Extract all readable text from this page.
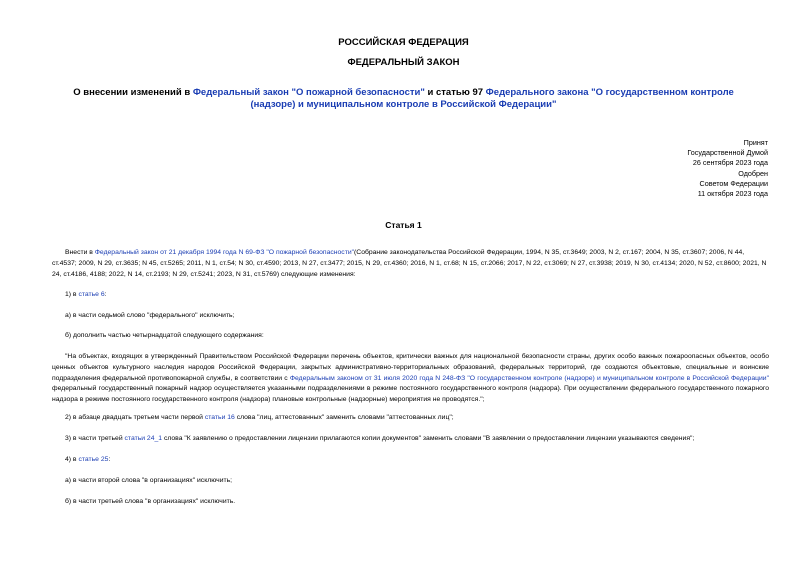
РОССИЙСКАЯ ФЕДЕРАЦИЯ
ФЕДЕРАЛЬНЫЙ ЗАКОН
О внесении изменений в Федеральный закон "О пожарной безопасности" и статью 97 Федерального закона "О государственном контроле (надзоре) и муниципальном контроле в Российской Федерации"
Принят
Государственной Думой
26 сентября 2023 года
Одобрен
Советом Федерации
11 октября 2023 года
Статья 1
Внести в Федеральный закон от 21 декабря 1994 года N 69-ФЗ "О пожарной безопасности"(Собрание законодательства Российской Федерации, 1994, N 35, ст.3649; 2003, N 2, ст.167; 2004, N 35, ст.3607; 2006, N 44, ст.4537; 2009, N 29, ст.3635; N 45, ст.5265; 2011, N 1, ст.54; N 30, ст.4590; 2013, N 27, ст.3477; 2015, N 29, ст.4360; 2016, N 1, ст.68; N 15, ст.2066; 2017, N 22, ст.3069; N 27, ст.3938; 2019, N 30, ст.4134; 2020, N 52, ст.8600; 2021, N 24, ст.4186, 4188; 2022, N 14, ст.2193; N 29, ст.5241; 2023, N 31, ст.5769) следующие изменения:
1) в статье 6:
а) в части седьмой слово "федерального" исключить;
б) дополнить частью четырнадцатой следующего содержания:
"На объектах, входящих в утвержденный Правительством Российской Федерации перечень объектов, критически важных для национальной безопасности страны, других особо важных пожароопасных объектов, особо ценных объектов культурного наследия народов Российской Федерации, закрытых административно-территориальных образований, федеральных территорий, где создаются объектовые, специальные и воинские подразделения федеральной противопожарной службы, в соответствии с Федеральным законом от 31 июля 2020 года N 248-ФЗ "О государственном контроле (надзоре) и муниципальном контроле в Российской Федерации" федеральный государственный пожарный надзор осуществляется указанными подразделениями в режиме постоянного государственного контроля (надзора). При осуществлении федерального государственного пожарного надзора в режиме постоянного государственного контроля (надзора) плановые контрольные (надзорные) мероприятия не проводятся.";
2) в абзаце двадцать третьем части первой статьи 16 слова "лиц, аттестованных" заменить словами "аттестованных лиц";
3) в части третьей статьи 24_1 слова "К заявлению о предоставлении лицензии прилагаются копии документов" заменить словами "В заявлении о предоставлении лицензии указываются сведения";
4) в статье 25:
а) в части второй слова "в организациях" исключить;
б) в части третьей слова "в организациях" исключить.
